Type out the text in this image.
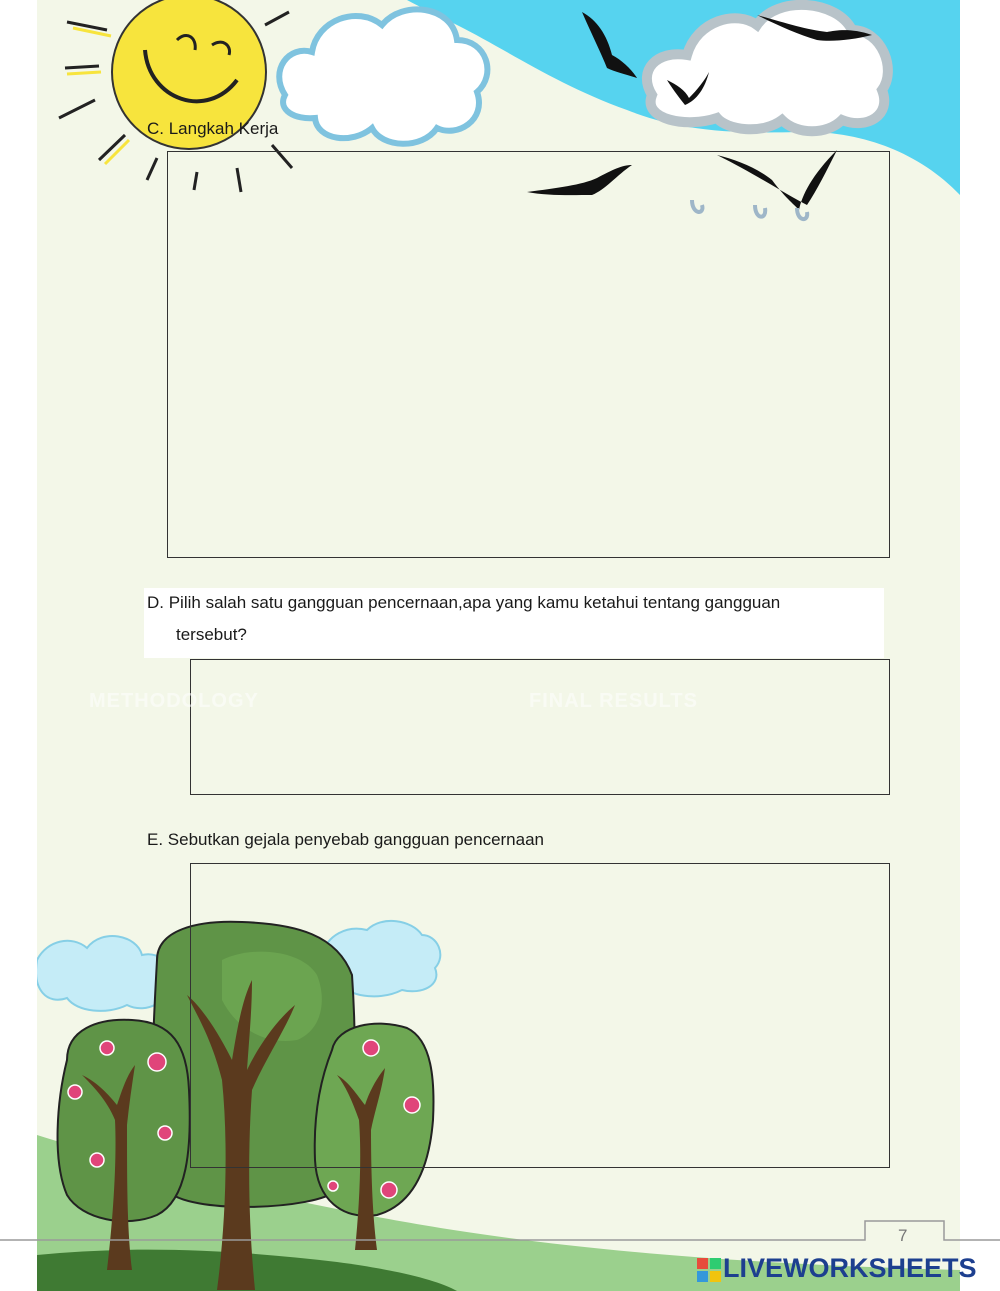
C. Langkah Kerja
D. Pilih salah satu gangguan pencernaan,apa yang kamu ketahui tentang gangguan
tersebut?
METHODOLOGY	FINAL RESULTS
E. Sebutkan gejala penyebab gangguan pencernaan
7
LIVEWORKSHEETS
